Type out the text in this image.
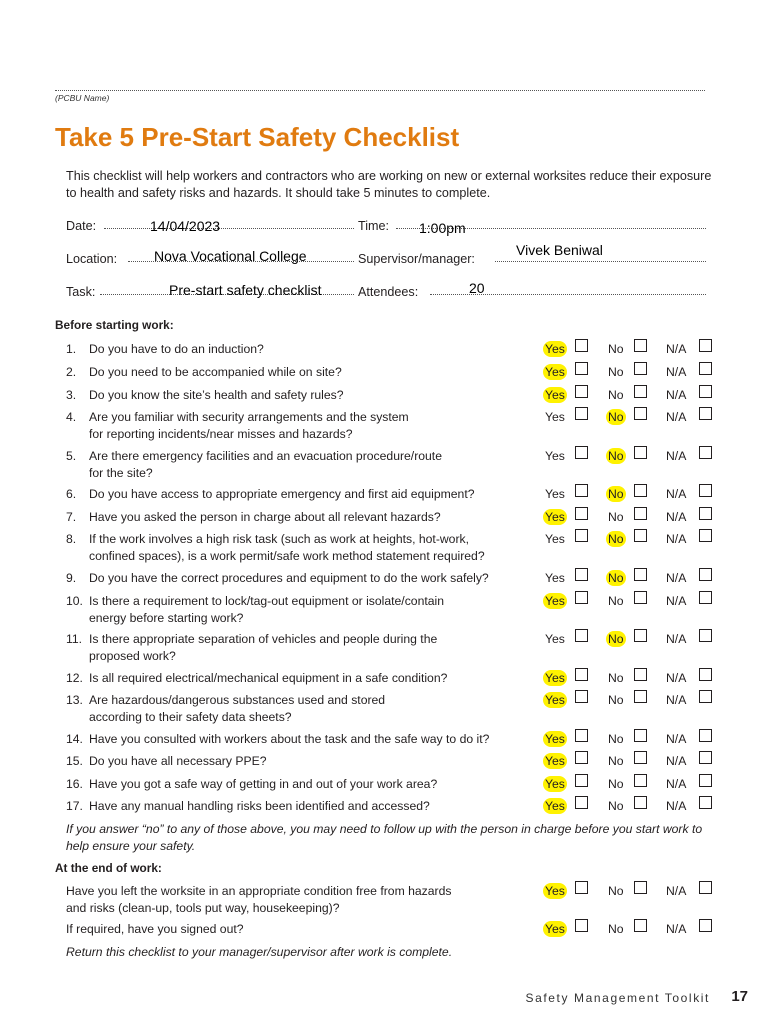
(PCBU Name)
Take 5 Pre-Start Safety Checklist
This checklist will help workers and contractors who are working on new or external worksites reduce their exposure to health and safety risks and hazards. It should take 5 minutes to complete.
Date:	14/04/2023	Time: 1:00pm
Location:	Nova Vocational College	Supervisor/manager:
Vivek Beniwal
Task:	Pre-start safety checklist	Attendees:	20
Before starting work:
1. Do you have to do an induction?	Yes	No	N/A
2. Do you need to be accompanied while on site?	Yes	No	N/A
3. Do you know the site’s health and safety rules?	Yes	No	N/A
4. Are you familiar with security arrangements and the system
for reporting incidents/near misses and hazards?
Yes	No	N/A
5. Are there emergency facilities and an evacuation procedure/route
for the site?
Yes	No	N/A
6. Do you have access to appropriate emergency and first aid equipment?	Yes	No	N/A
7. Have you asked the person in charge about all relevant hazards?	Yes	No	N/A
8. If the work involves a high risk task (such as work at heights, hot-work,
confined spaces), is a work permit/safe work method statement required?
Yes	No	N/A
9. Do you have the correct procedures and equipment to do the work safely?	Yes	No	N/A
10. Is there a requirement to lock/tag-out equipment or isolate/contain
energy before starting work?
Yes	No	N/A
11. Is there appropriate separation of vehicles and people during the
proposed work?
Yes	No	N/A
12. Is all required electrical/mechanical equipment in a safe condition?	Yes	No	N/A
13. Are hazardous/dangerous substances used and stored
according to their safety data sheets?
Yes	No	N/A
14. Have you consulted with workers about the task and the safe way to do it?	Yes	No	N/A
15. Do you have all necessary PPE?	Yes	No	N/A
16. Have you got a safe way of getting in and out of your work area?	Yes	No	N/A
17. Have any manual handling risks been identified and accessed?	Yes	No	N/A
If you answer “no” to any of those above, you may need to follow up with the person in charge before you start work to help ensure your safety.
At the end of work:
Have you left the worksite in an appropriate condition free from hazards
and risks (clean-up, tools put way, housekeeping)?
Yes	No	N/A
If required, have you signed out?	Yes	No	N/A
Return this checklist to your manager/supervisor after work is complete.
Safety Management Toolkit 17
